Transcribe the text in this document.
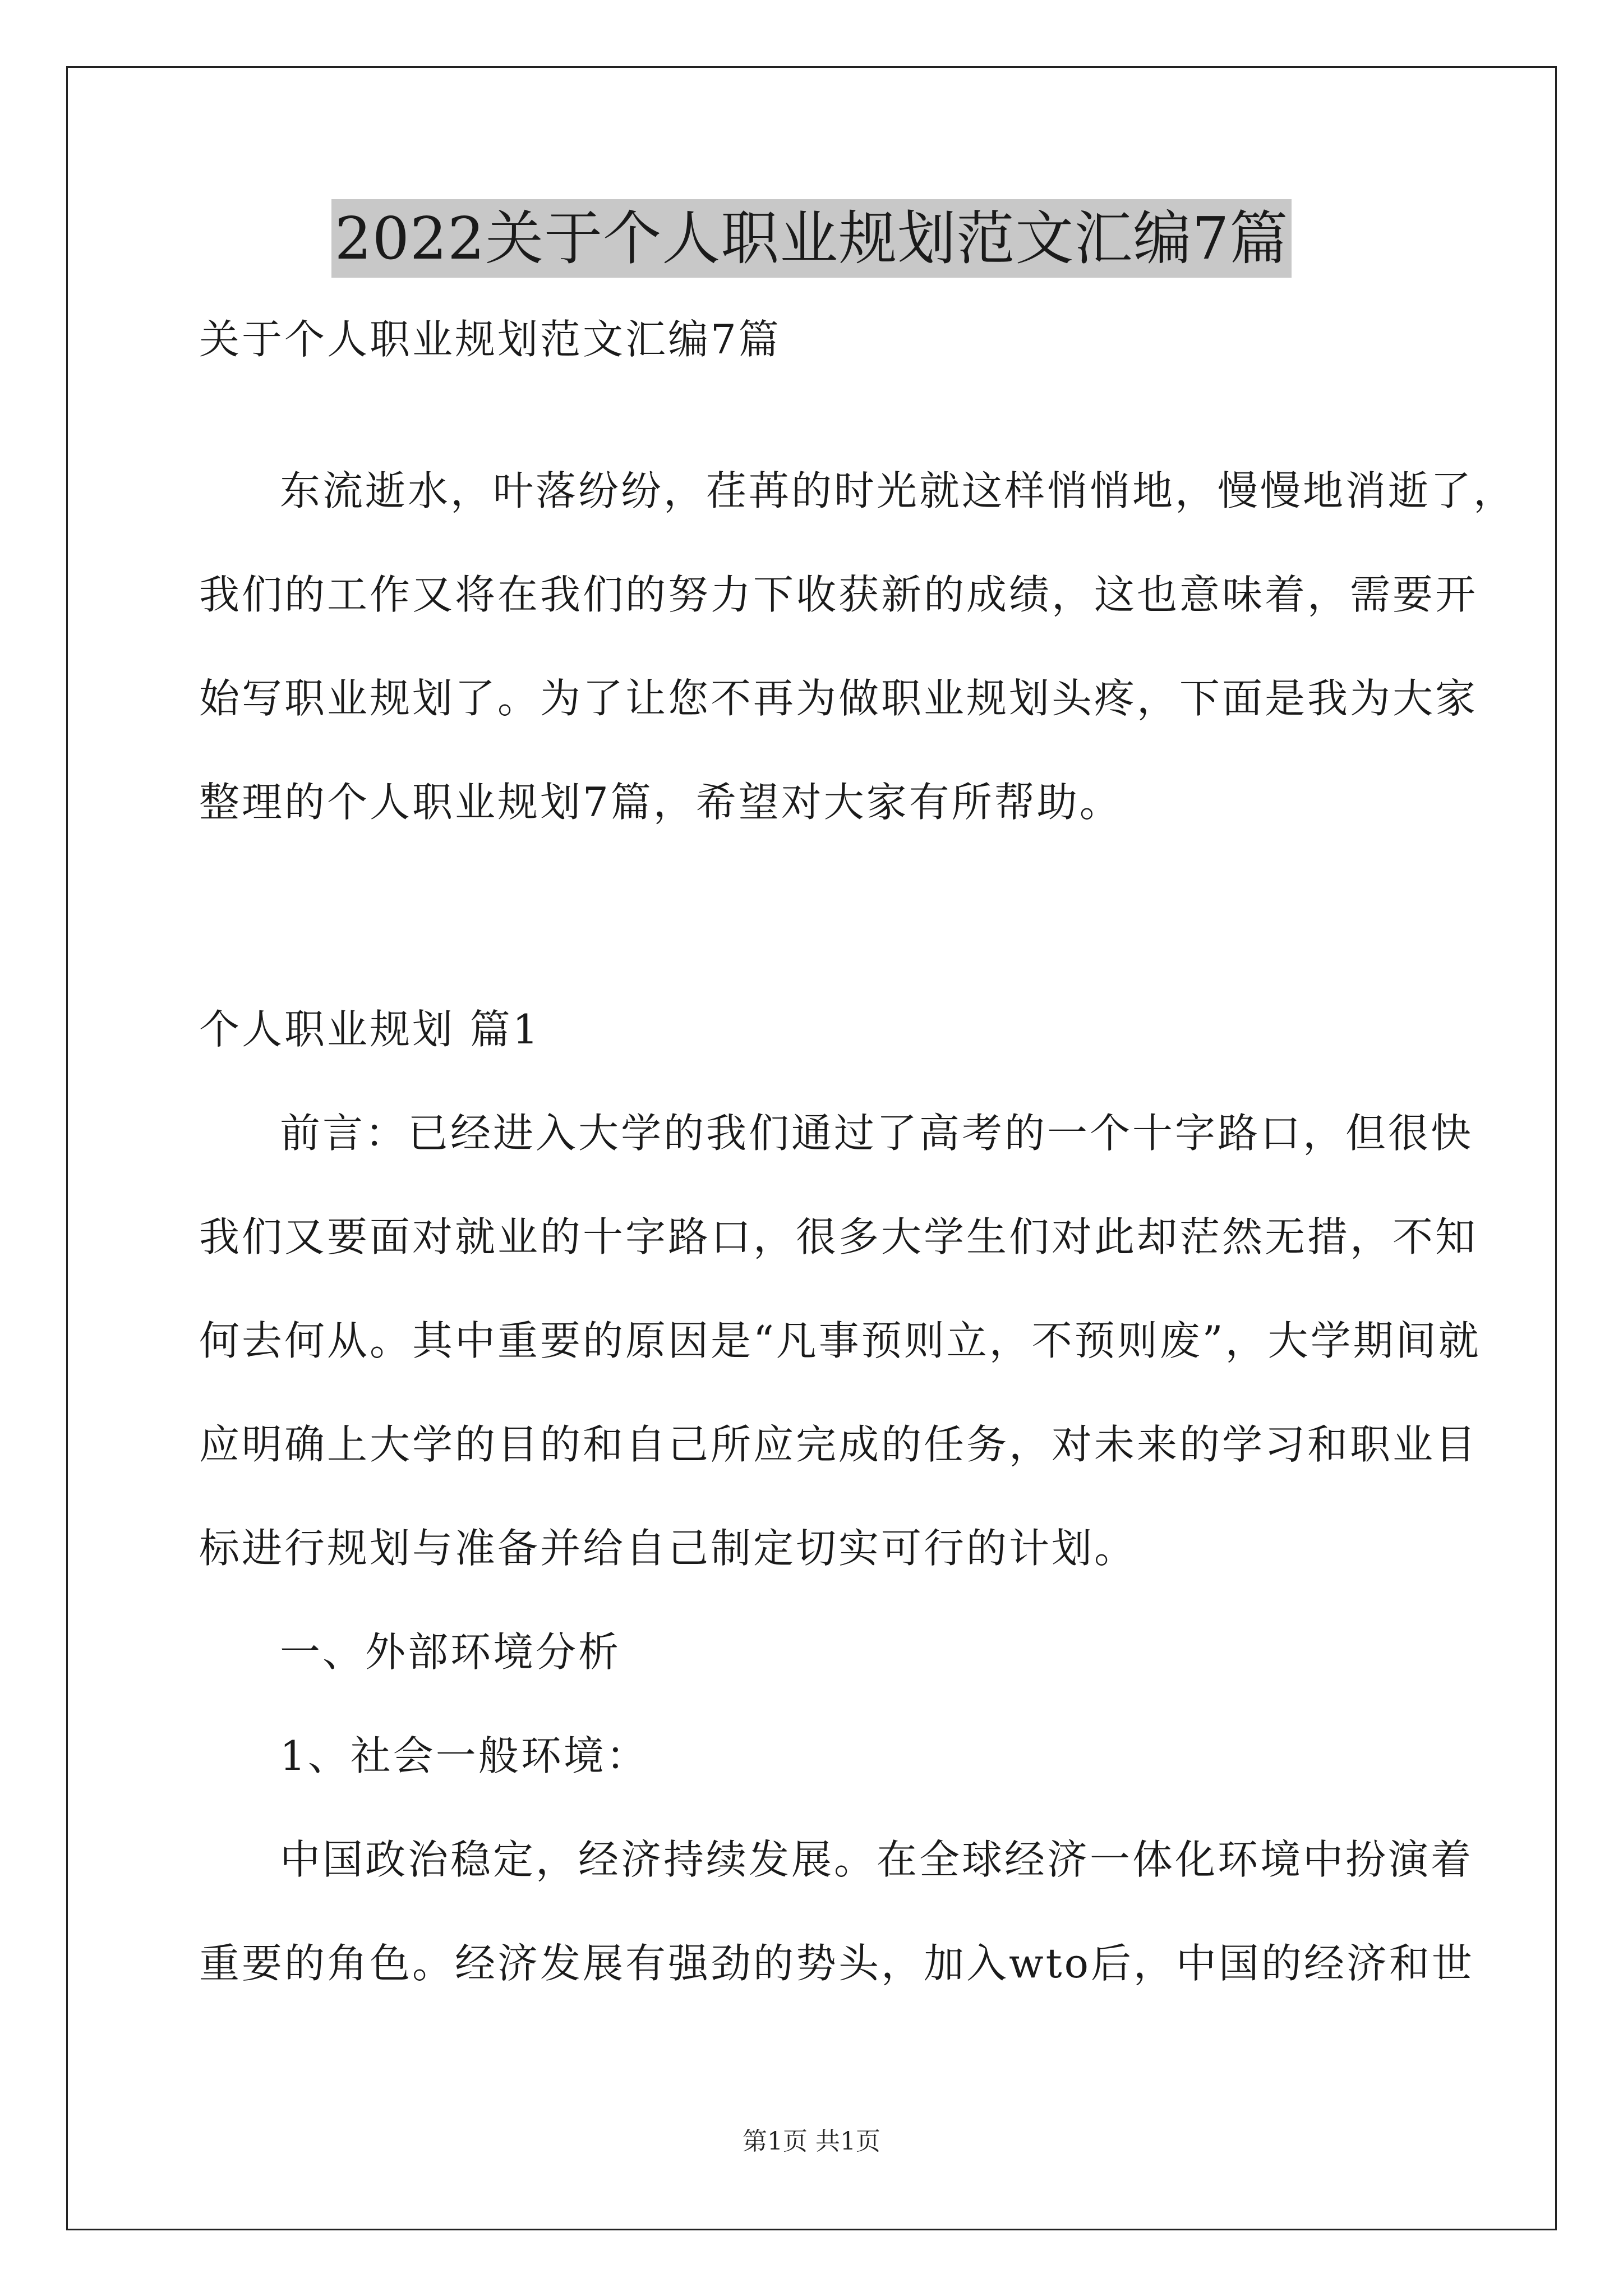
2022关于个人职业规划范文汇编7篇
关于个人职业规划范文汇编7篇
东流逝水，叶落纷纷，荏苒的时光就这样悄悄地，慢慢地消逝了，
我们的工作又将在我们的努力下收获新的成绩，这也意味着，需要开
始写职业规划了。为了让您不再为做职业规划头疼，下面是我为大家
整理的个人职业规划7篇，希望对大家有所帮助。
个人职业规划 篇1
前言：已经进入大学的我们通过了高考的一个十字路口，但很快
我们又要面对就业的十字路口，很多大学生们对此却茫然无措，不知
何去何从。其中重要的原因是“凡事预则立，不预则废”，大学期间就
应明确上大学的目的和自己所应完成的任务，对未来的学习和职业目
标进行规划与准备并给自己制定切实可行的计划。
一、外部环境分析
1、社会一般环境：
中国政治稳定，经济持续发展。在全球经济一体化环境中扮演着
重要的角色。经济发展有强劲的势头，加入wto后，中国的经济和世
第1页 共1页
